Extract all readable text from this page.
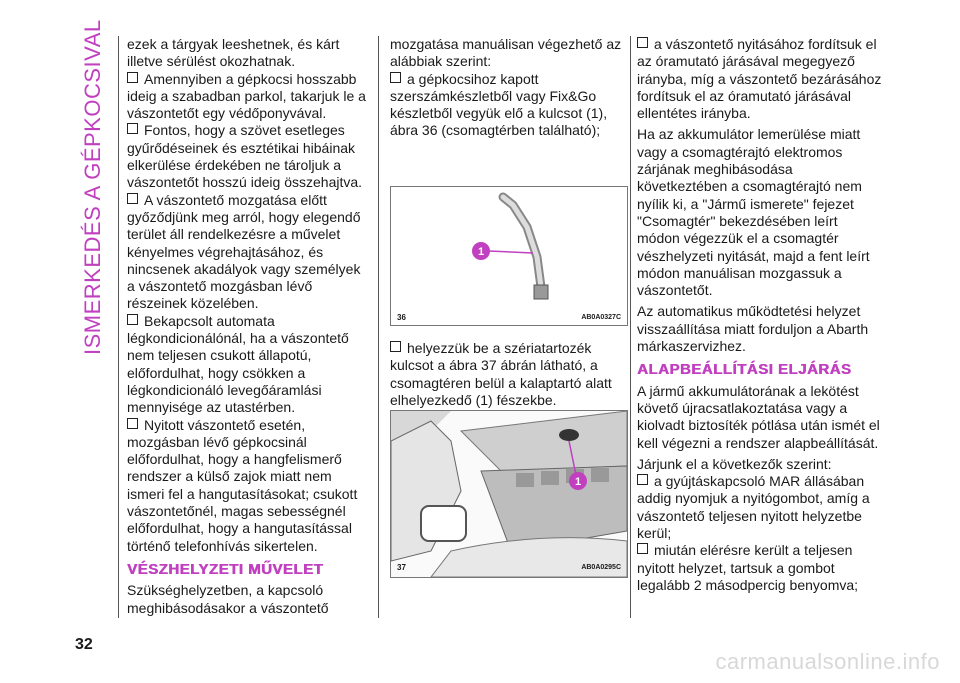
ISMERKEDÉS A GÉPKOCSIVAL
32

ezek a tárgyak leeshetnek, és kárt illetve sérülést okozhatnak.

Amennyiben a gépkocsi hosszabb ideig a szabadban parkol, takarjuk le a vászontetőt egy védőponyvával.

Fontos, hogy a szövet esetleges gyűrődéseinek és esztétikai hibáinak elkerülése érdekében ne tároljuk a vászontetőt hosszú ideig összehajtva.

A vászontető mozgatása előtt győződjünk meg arról, hogy elegendő terület áll rendelkezésre a művelet kényelmes végrehajtásához, és nincsenek akadályok vagy személyek a vászontető mozgásban lévő részeinek közelében.

Bekapcsolt automata légkondicionálónál, ha a vászontető nem teljesen csukott állapotú, előfordulhat, hogy csökken a légkondicionáló levegőáramlási mennyisége az utastérben.

Nyitott vászontető esetén, mozgásban lévő gépkocsinál előfordulhat, hogy a hangfelismerő rendszer a külső zajok miatt nem ismeri fel a hangutasításokat; csukott vászontetőnél, magas sebességnél előfordulhat, hogy a hangutasítással történő telefonhívás sikertelen.

VÉSZHELYZETI MŰVELET

Szükséghelyzetben, a kapcsoló meghibásodásakor a vászontető

mozgatása manuálisan végezhető az alábbiak szerint:

a gépkocsihoz kapott szerszámkészletből vagy Fix&Go készletből vegyük elő a kulcsot (1), ábra 36 (csomagtérben található);

1
36	AB0A0327C

helyezzük be a szériatartozék kulcsot a ábra 37 ábrán látható, a csomagtéren belül a kalaptartó alatt elhelyezkedő (1) fészekbe.

1
37	AB0A0295C

a vászontető nyitásához fordítsuk el az óramutató járásával megegyező irányba, míg a vászontető bezárásához fordítsuk el az óramutató járásával ellentétes irányba.

Ha az akkumulátor lemerülése miatt vagy a csomagtérajtó elektromos zárjának meghibásodása következtében a csomagtérajtó nem nyílik ki, a "Jármű ismerete" fejezet "Csomagtér" bekezdésében leírt módon végezzük el a csomagtér vészhelyzeti nyitását, majd a fent leírt módon manuálisan mozgassuk a vászontetőt.

Az automatikus működtetési helyzet visszaállítása miatt forduljon a Abarth márkaszervizhez.

ALAPBEÁLLÍTÁSI ELJÁRÁS

A jármű akkumulátorának a lekötést követő újracsatlakoztatása vagy a kiolvadt biztosíték pótlása után ismét el kell végezni a rendszer alapbeállítását.

Járjunk el a következők szerint:

a gyújtáskapcsoló MAR állásában addig nyomjuk a nyitógombot, amíg a vászontető teljesen nyitott helyzetbe kerül;

miután elérésre került a teljesen nyitott helyzet, tartsuk a gombot legalább 2 másodpercig benyomva;

carmanualsonline.info
